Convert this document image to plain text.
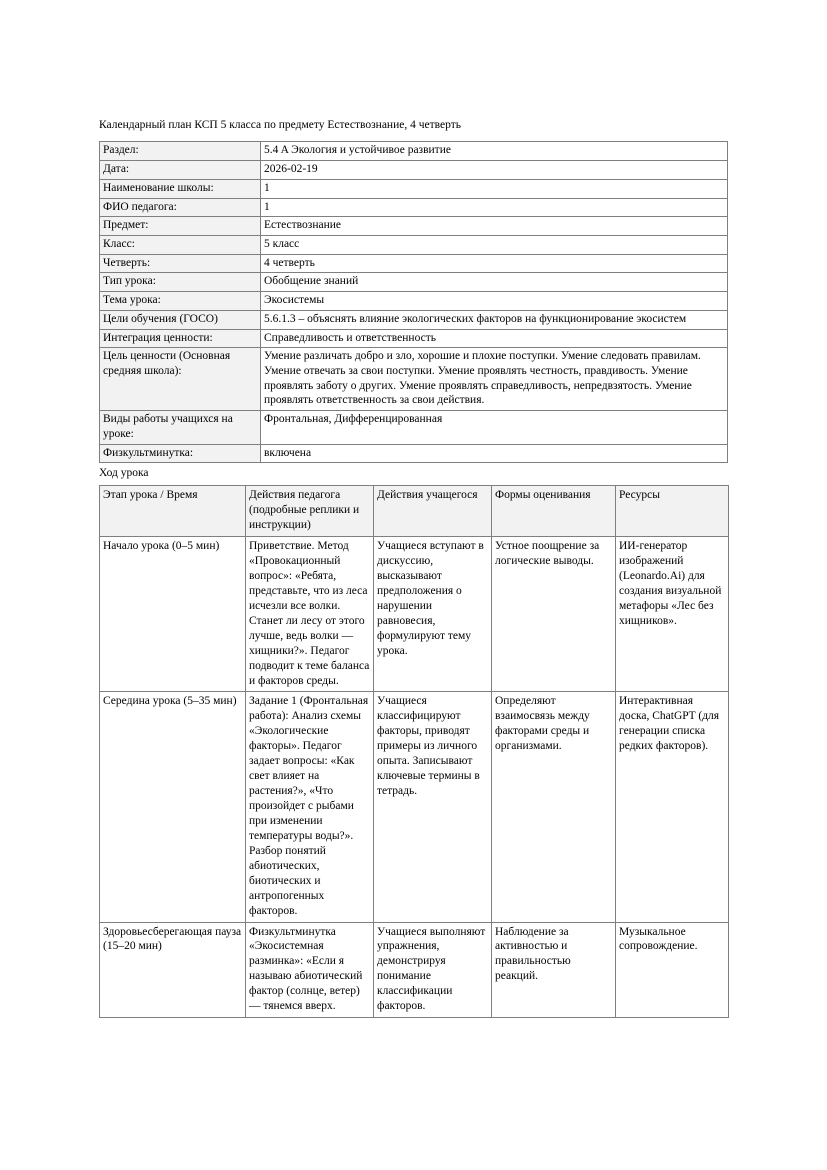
Календарный план КСП 5 класса по предмету Естествознание, 4 четверть
Раздел:	5.4 A Экология и устойчивое развитие
Дата:	2026-02-19
Наименование школы:	1
ФИО педагога:	1
Предмет:	Естествознание
Класс:	5 класс
Четверть:	4 четверть
Тип урока:	Обобщение знаний
Тема урока:	Экосистемы
Цели обучения (ГОСО)	5.6.1.3 – объяснять влияние экологических факторов на функционирование экосистем
Интеграция ценности:	Справедливость и ответственность
Цель ценности (Основная средняя школа):	Умение различать добро и зло, хорошие и плохие поступки. Умение следовать правилам. Умение отвечать за свои поступки. Умение проявлять честность, правдивость. Умение проявлять заботу о других. Умение проявлять справедливость, непредвзятость. Умение проявлять ответственность за свои действия.
Виды работы учащихся на уроке:	Фронтальная, Дифференцированная
Физкультминутка:	включена
Ход урока
Этап урока / Время	Действия педагога (подробные реплики и инструкции)	Действия учащегося	Формы оценивания	Ресурсы
Начало урока (0–5 мин)	Приветствие. Метод «Провокационный вопрос»: «Ребята, представьте, что из леса исчезли все волки. Станет ли лесу от этого лучше, ведь волки — хищники?». Педагог подводит к теме баланса и факторов среды.	Учащиеся вступают в дискуссию, высказывают предположения о нарушении равновесия, формулируют тему урока.	Устное поощрение за логические выводы.	ИИ-генератор изображений (Leonardo.Ai) для создания визуальной метафоры «Лес без хищников».
Середина урока (5–35 мин)	Задание 1 (Фронтальная работа): Анализ схемы «Экологические факторы». Педагог задает вопросы: «Как свет влияет на растения?», «Что произойдет с рыбами при изменении температуры воды?». Разбор понятий абиотических, биотических и антропогенных факторов.	Учащиеся классифицируют факторы, приводят примеры из личного опыта. Записывают ключевые термины в тетрадь.	Определяют взаимосвязь между факторами среды и организмами.	Интерактивная доска, ChatGPT (для генерации списка редких факторов).
Здоровьесберегающая пауза (15–20 мин)	Физкультминутка «Экосистемная разминка»: «Если я называю абиотический фактор (солнце, ветер) — тянемся вверх.	Учащиеся выполняют упражнения, демонстрируя понимание классификации факторов.	Наблюдение за активностью и правильностью реакций.	Музыкальное сопровождение.
